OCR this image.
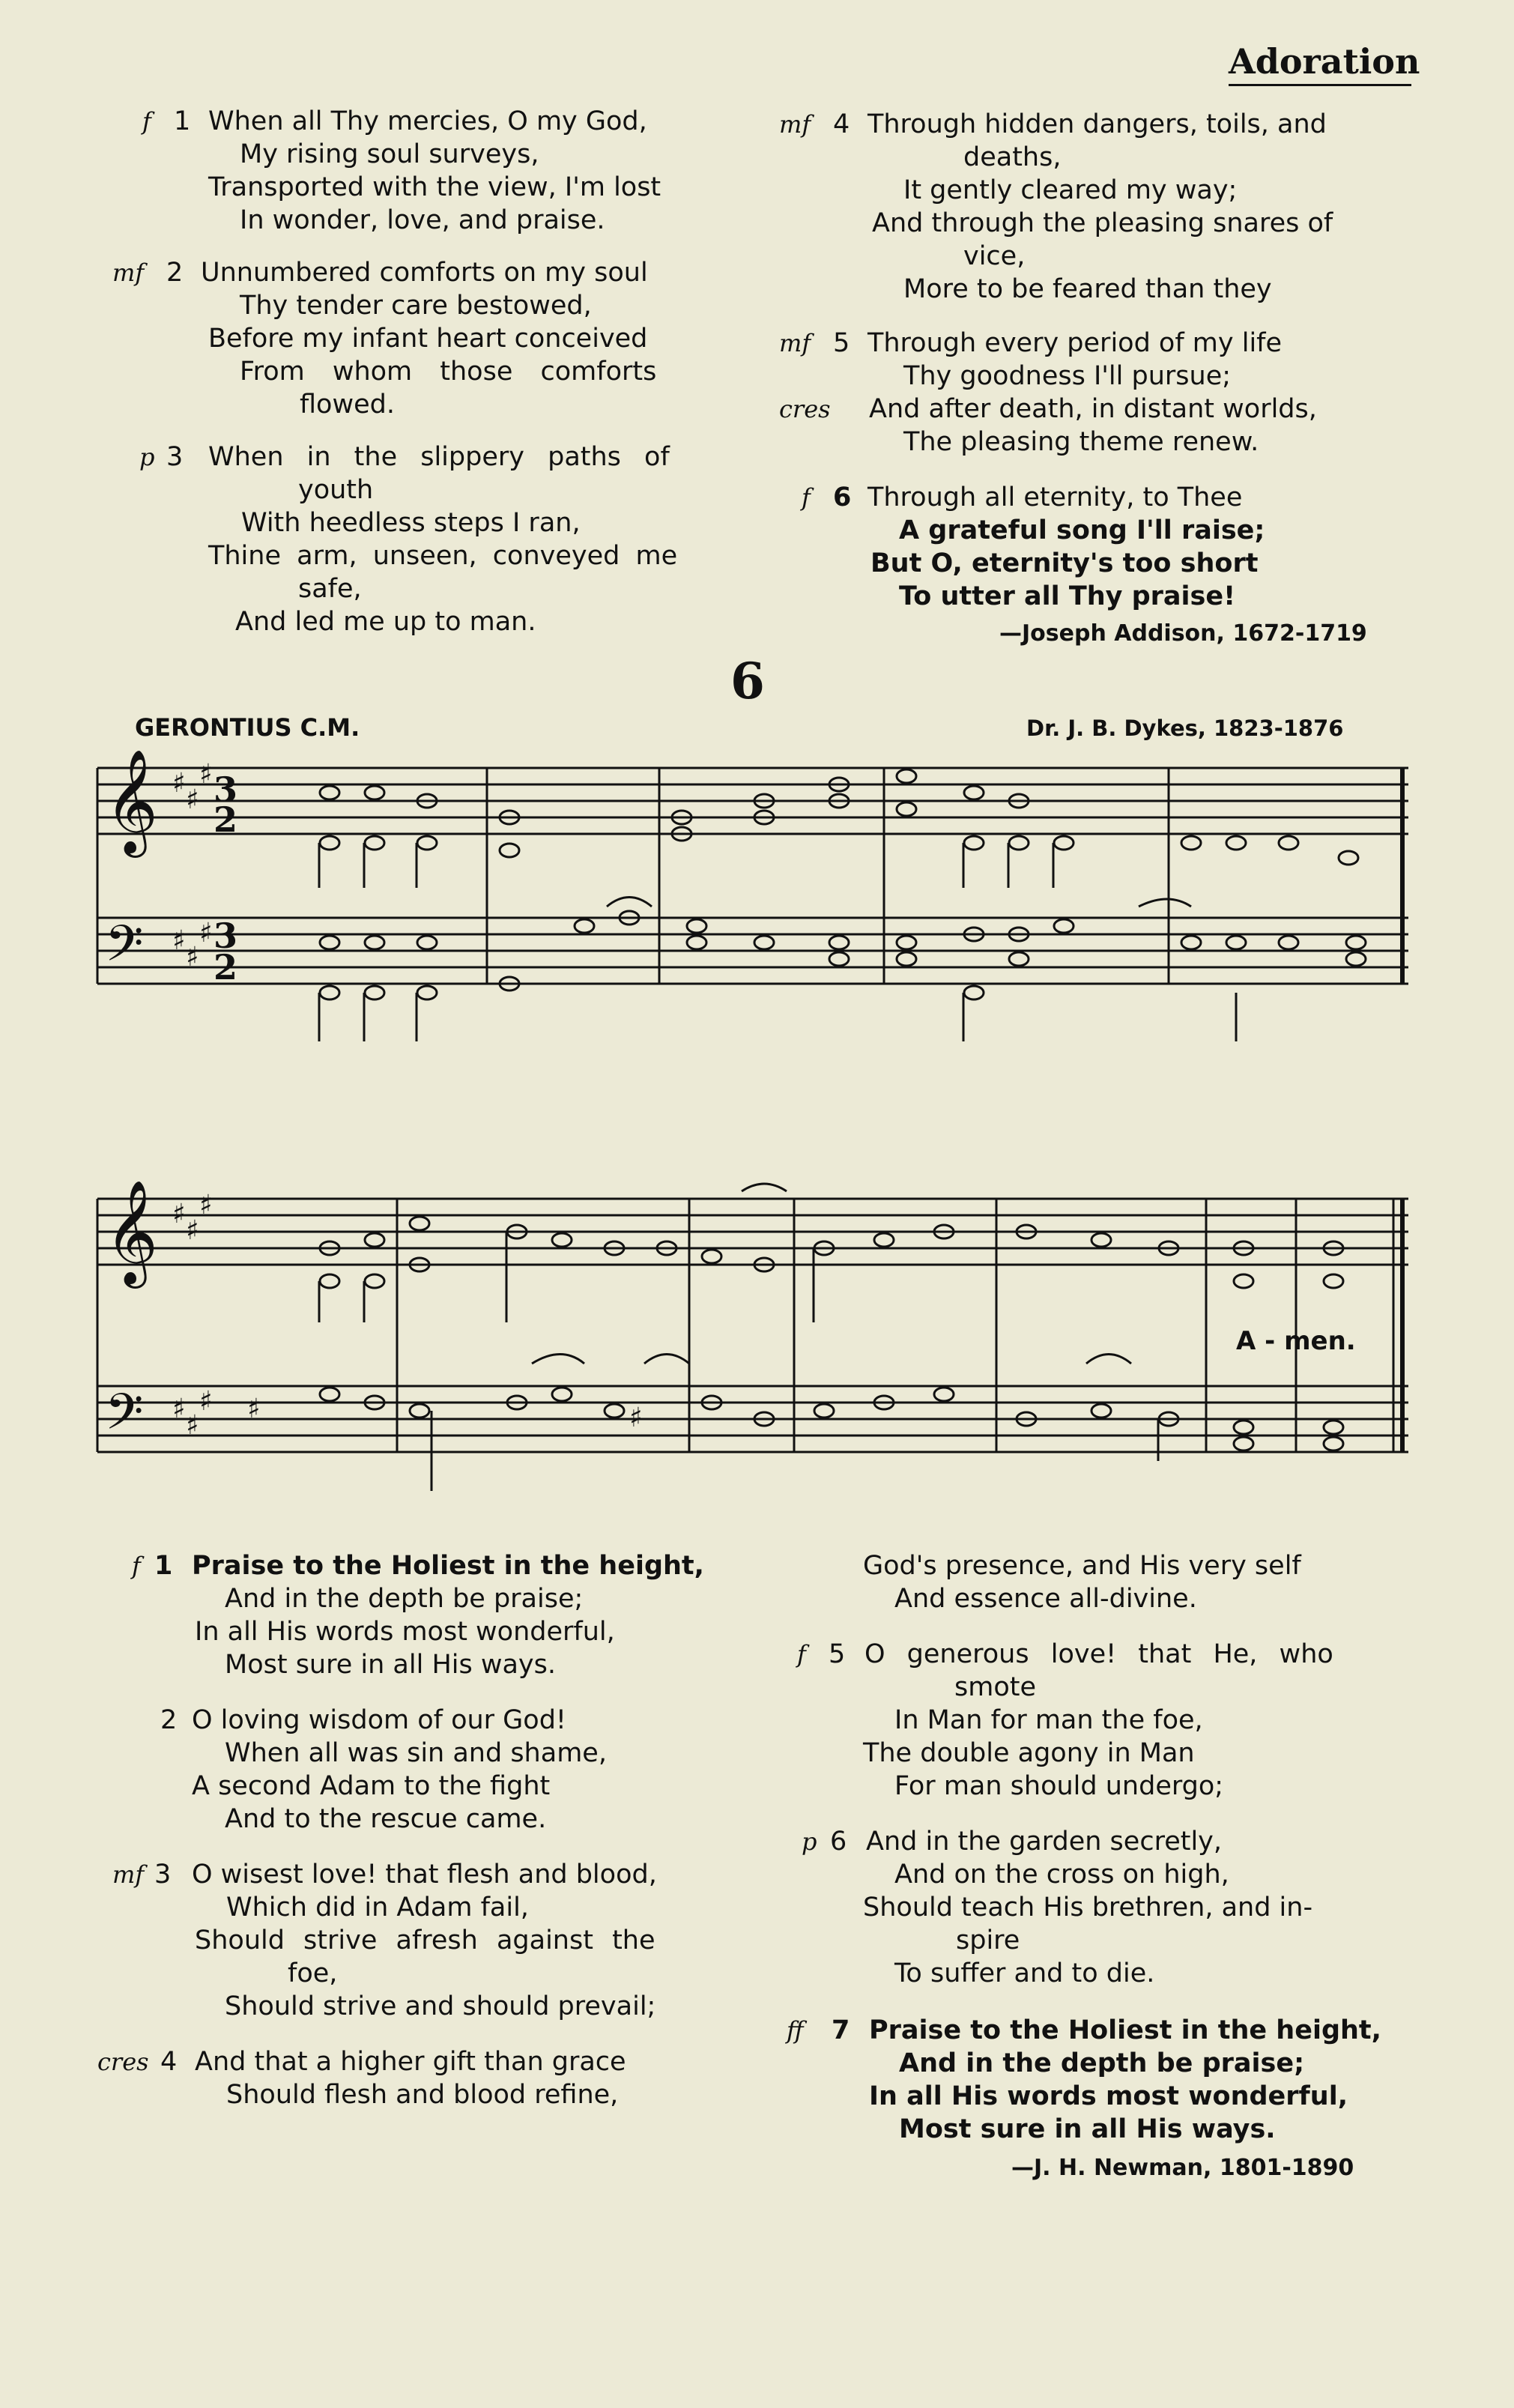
Adoration
f 1 When all Thy mercies, O my God,
My rising soul surveys,
Transported with the view, I'm lost
In wonder, love, and praise.
mf 2 Unnumbered comforts on my soul
Thy tender care bestowed,
Before my infant heart conceived
From whom those comforts
flowed.
p 3 When in the slippery paths of
youth
With heedless steps I ran,
Thine arm, unseen, conveyed me
safe,
And led me up to man.
mf 4 Through hidden dangers, toils, and
deaths,
It gently cleared my way;
And through the pleasing snares of
vice,
More to be feared than they
mf 5
cres
Through every period of my life
Thy goodness I'll pursue;
And after death, in distant worlds,
The pleasing theme renew.
f 6 Through all eternity, to Thee
A grateful song I'll raise;
But O, eternity's too short
To utter all Thy praise!
—Joseph Addison, 1672-1719
6
GERONTIUS C.M.	Dr. J. B. Dykes, 1823-1876
𝄞 ♯
♯
♯ 3
2
𝄢 ♯
♯
♯ 3
2
𝄞 ♯
♯
♯
𝄢 ♯
♯
♯ ♯	♯
A - men.
f 1 Praise to the Holiest in the height,
And in the depth be praise;
In all His words most wonderful,
Most sure in all His ways.
2 O loving wisdom of our God!
When all was sin and shame,
A second Adam to the fight
And to the rescue came.
mf 3 O wisest love! that flesh and blood,
Which did in Adam fail,
Should strive afresh against the
foe,
Should strive and should prevail;
cres 4 And that a higher gift than grace
Should flesh and blood refine,
God's presence, and His very self
And essence all-divine.
f 5 O generous love! that He, who
smote
In Man for man the foe,
The double agony in Man
For man should undergo;
p 6 And in the garden secretly,
And on the cross on high,
Should teach His brethren, and in-
spire
To suffer and to die.
ff 7 Praise to the Holiest in the height,
And in the depth be praise;
In all His words most wonderful,
Most sure in all His ways.
—J. H. Newman, 1801-1890
